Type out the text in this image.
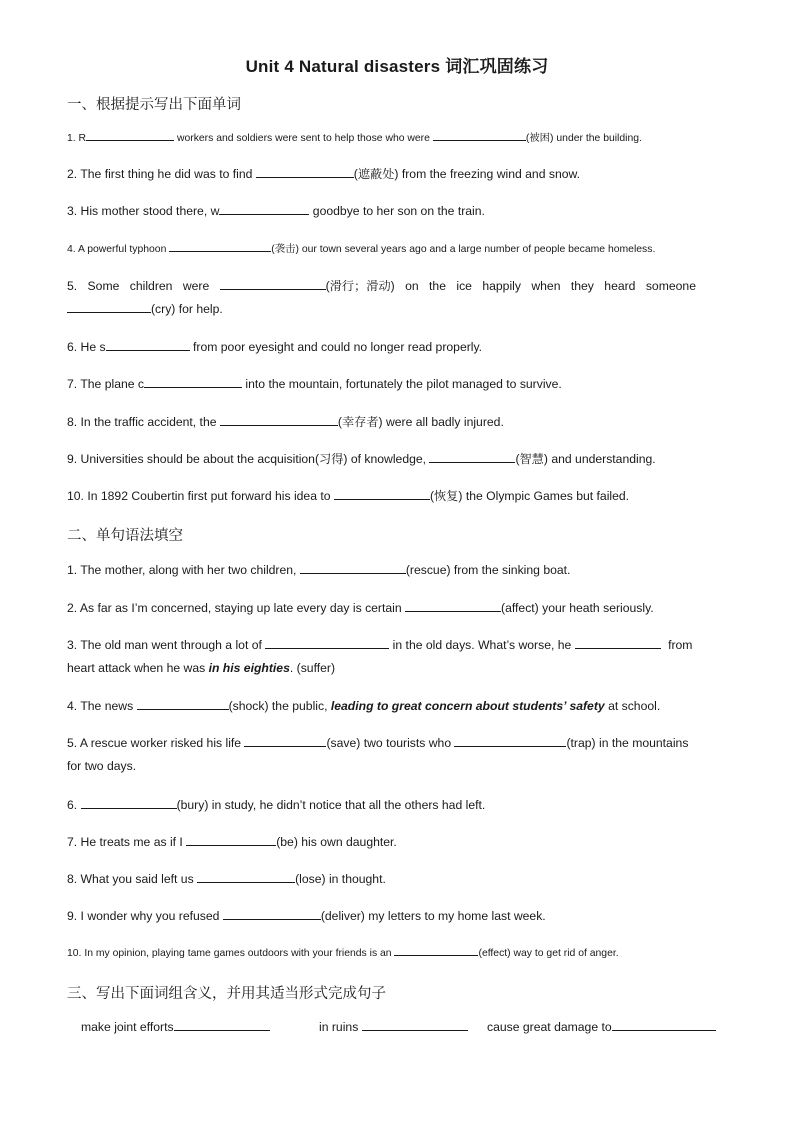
Unit 4 Natural disasters 词汇巩固练习
一、根据提示写出下面单词
1. R	workers and soldiers were sent to help those who were	(被困) under the building.
2. The first thing he did was to find	(遮蔽处) from the freezing wind and snow.
3. His mother stood there, w	goodbye to her son on the train.
4. A powerful typhoon	(袭击) our town several years ago and a large number of people became homeless.
5. Some children were	(滑行；滑动) on the ice happily when they heard someone
(cry) for help.
6. He s	from poor eyesight and could no longer read properly.
7. The plane c	into the mountain, fortunately the pilot managed to survive.
8. In the traffic accident, the	(幸存者) were all badly injured.
9. Universities should be about the acquisition(习得) of knowledge,	(智慧) and understanding.
10. In 1892 Coubertin first put forward his idea to	(恢复) the Olympic Games but failed.
二、单句语法填空
1. The mother, along with her two children,	(rescue) from the sinking boat.
2. As far as I’m concerned, staying up late every day is certain	(affect) your heath seriously.
3. The old man went through a lot of	in the old days. What’s worse, he	from
heart attack when he was in his eighties. (suffer)
4. The news	(shock) the public, leading to great concern about students’ safety at school.
5. A rescue worker risked his life	(save) two tourists who	(trap) in the mountains
for two days.
6.	(bury) in study, he didn’t notice that all the others had left.
7. He treats me as if I	(be) his own daughter.
8. What you said left us	(lose) in thought.
9. I wonder why you refused	(deliver) my letters to my home last week.
10. In my opinion, playing tame games outdoors with your friends is an	(effect) way to get rid of anger.
三、写出下面词组含义，并用其适当形式完成句子
make joint efforts	in ruins	cause great damage to
